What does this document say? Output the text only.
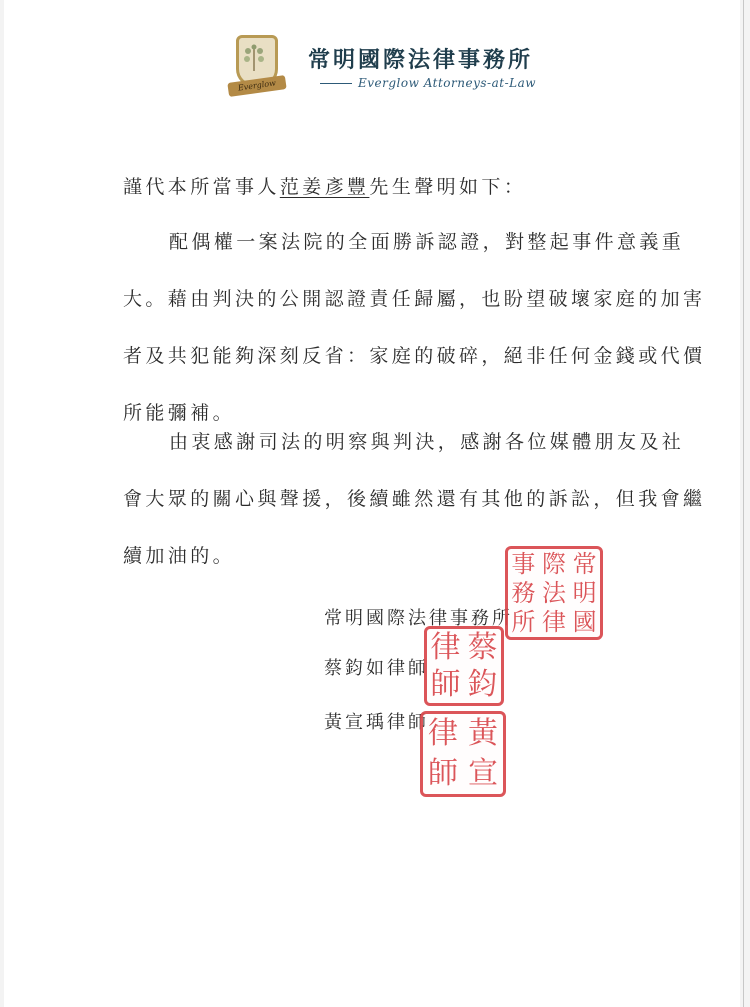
Everglow
常明國際法律事務所
Everglow Attorneys-at-Law
謹代本所當事人范姜彥豐先生聲明如下：
配偶權一案法院的全面勝訴認證，對整起事件意義重
大。藉由判決的公開認證責任歸屬，也盼望破壞家庭的加害
者及共犯能夠深刻反省：家庭的破碎，絕非任何金錢或代價
所能彌補。
由衷感謝司法的明察與判決，感謝各位媒體朋友及社
會大眾的關心與聲援，後續雖然還有其他的訴訟，但我會繼
續加油的。
常明國際法律事務所
蔡鈞如律師
黃宣瑀律師
事 際 常
務 法 明
所 律 國
律 蔡
師 鈞
律 黃
師 宣
